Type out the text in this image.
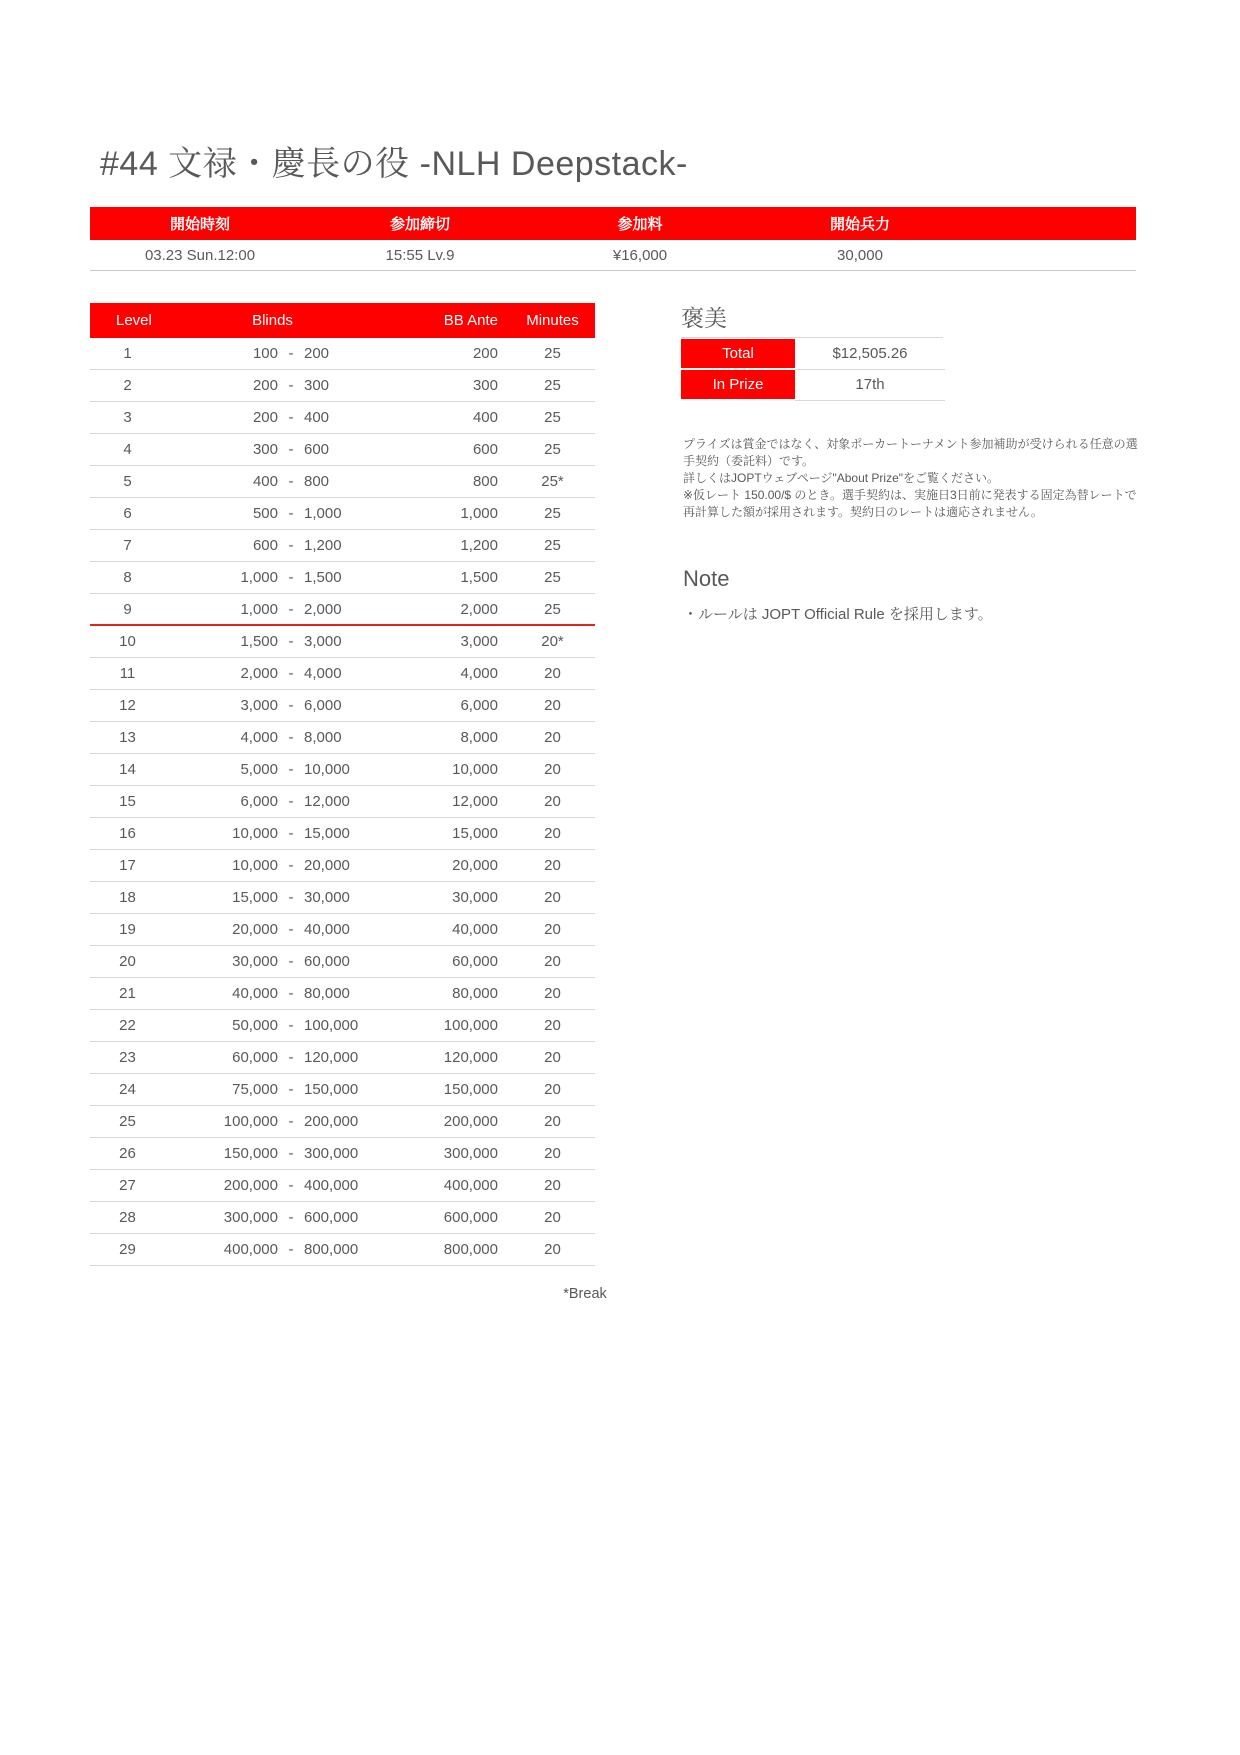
#44 文禄・慶長の役 -NLH Deepstack-
開始時刻	参加締切	参加料	開始兵力
03.23 Sun.12:00	15:55 Lv.9	¥16,000	30,000
Level	Blinds	BB Ante	Minutes
1	100 - 200	200	25
2	200 - 300	300	25
3	200 - 400	400	25
4	300 - 600	600	25
5	400 - 800	800	25*
6	500 - 1,000	1,000	25
7	600 - 1,200	1,200	25
8	1,000 - 1,500	1,500	25
9	1,000 - 2,000	2,000	25
10	1,500 - 3,000	3,000	20*
11	2,000 - 4,000	4,000	20
12	3,000 - 6,000	6,000	20
13	4,000 - 8,000	8,000	20
14	5,000 - 10,000	10,000	20
15	6,000 - 12,000	12,000	20
16	10,000 - 15,000	15,000	20
17	10,000 - 20,000	20,000	20
18	15,000 - 30,000	30,000	20
19	20,000 - 40,000	40,000	20
20	30,000 - 60,000	60,000	20
21	40,000 - 80,000	80,000	20
22	50,000 - 100,000	100,000	20
23	60,000 - 120,000	120,000	20
24	75,000 - 150,000	150,000	20
25	100,000 - 200,000	200,000	20
26	150,000 - 300,000	300,000	20
27	200,000 - 400,000	400,000	20
28	300,000 - 600,000	600,000	20
29	400,000 - 800,000	800,000	20
*Break
褒美
Total	$12,505.26
In Prize	17th
プライズは賞金ではなく、対象ポーカートーナメント参加補助が受けられる任意の選
手契約（委託料）です。
詳しくはJOPTウェブページ"About Prize"をご覧ください。
※仮レート 150.00/$ のとき。選手契約は、実施日3日前に発表する固定為替レートで
再計算した額が採用されます。契約日のレートは適応されません。
Note
・ルールは JOPT Official Rule を採用します。
